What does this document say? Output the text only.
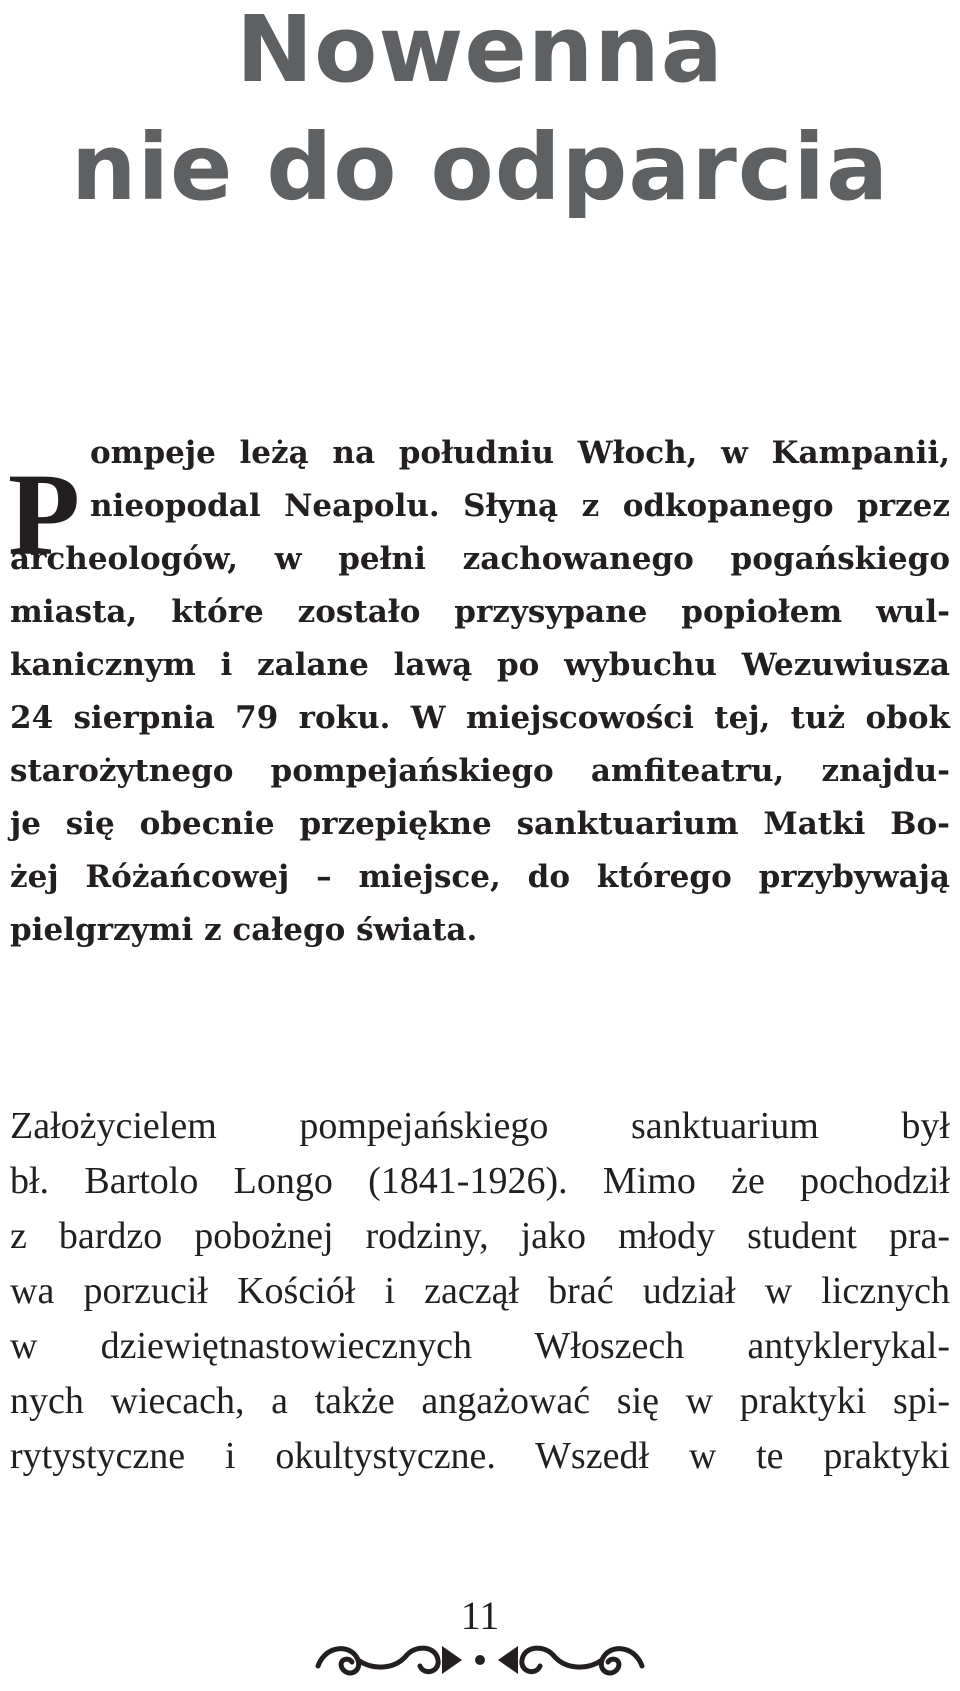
Nowenna
nie do odparcia
P ompeje leżą na południu Włoch, w Kampanii,

nieopodal Neapolu. Słyną z odkopanego przez

archeologów, w pełni zachowanego pogańskiego

miasta, które zostało przysypane popiołem wul-

kanicznym i zalane lawą po wybuchu Wezuwiusza

24 sierpnia 79 roku. W miejscowości tej, tuż obok

starożytnego pompejańskiego amfiteatru, znajdu-

je się obecnie przepiękne sanktuarium Matki Bo-

żej Różańcowej – miejsce, do którego przybywają

pielgrzymi z całego świata.

Założycielem pompejańskiego sanktuarium był

bł. Bartolo Longo (1841-1926). Mimo że pochodził

z bardzo pobożnej rodziny, jako młody student pra-

wa porzucił Kościół i zaczął brać udział w licznych

w dziewiętnastowiecznych Włoszech antyklerykal-

nych wiecach, a także angażować się w praktyki spi-

rytystyczne i okultystyczne. Wszedł w te praktyki

11
